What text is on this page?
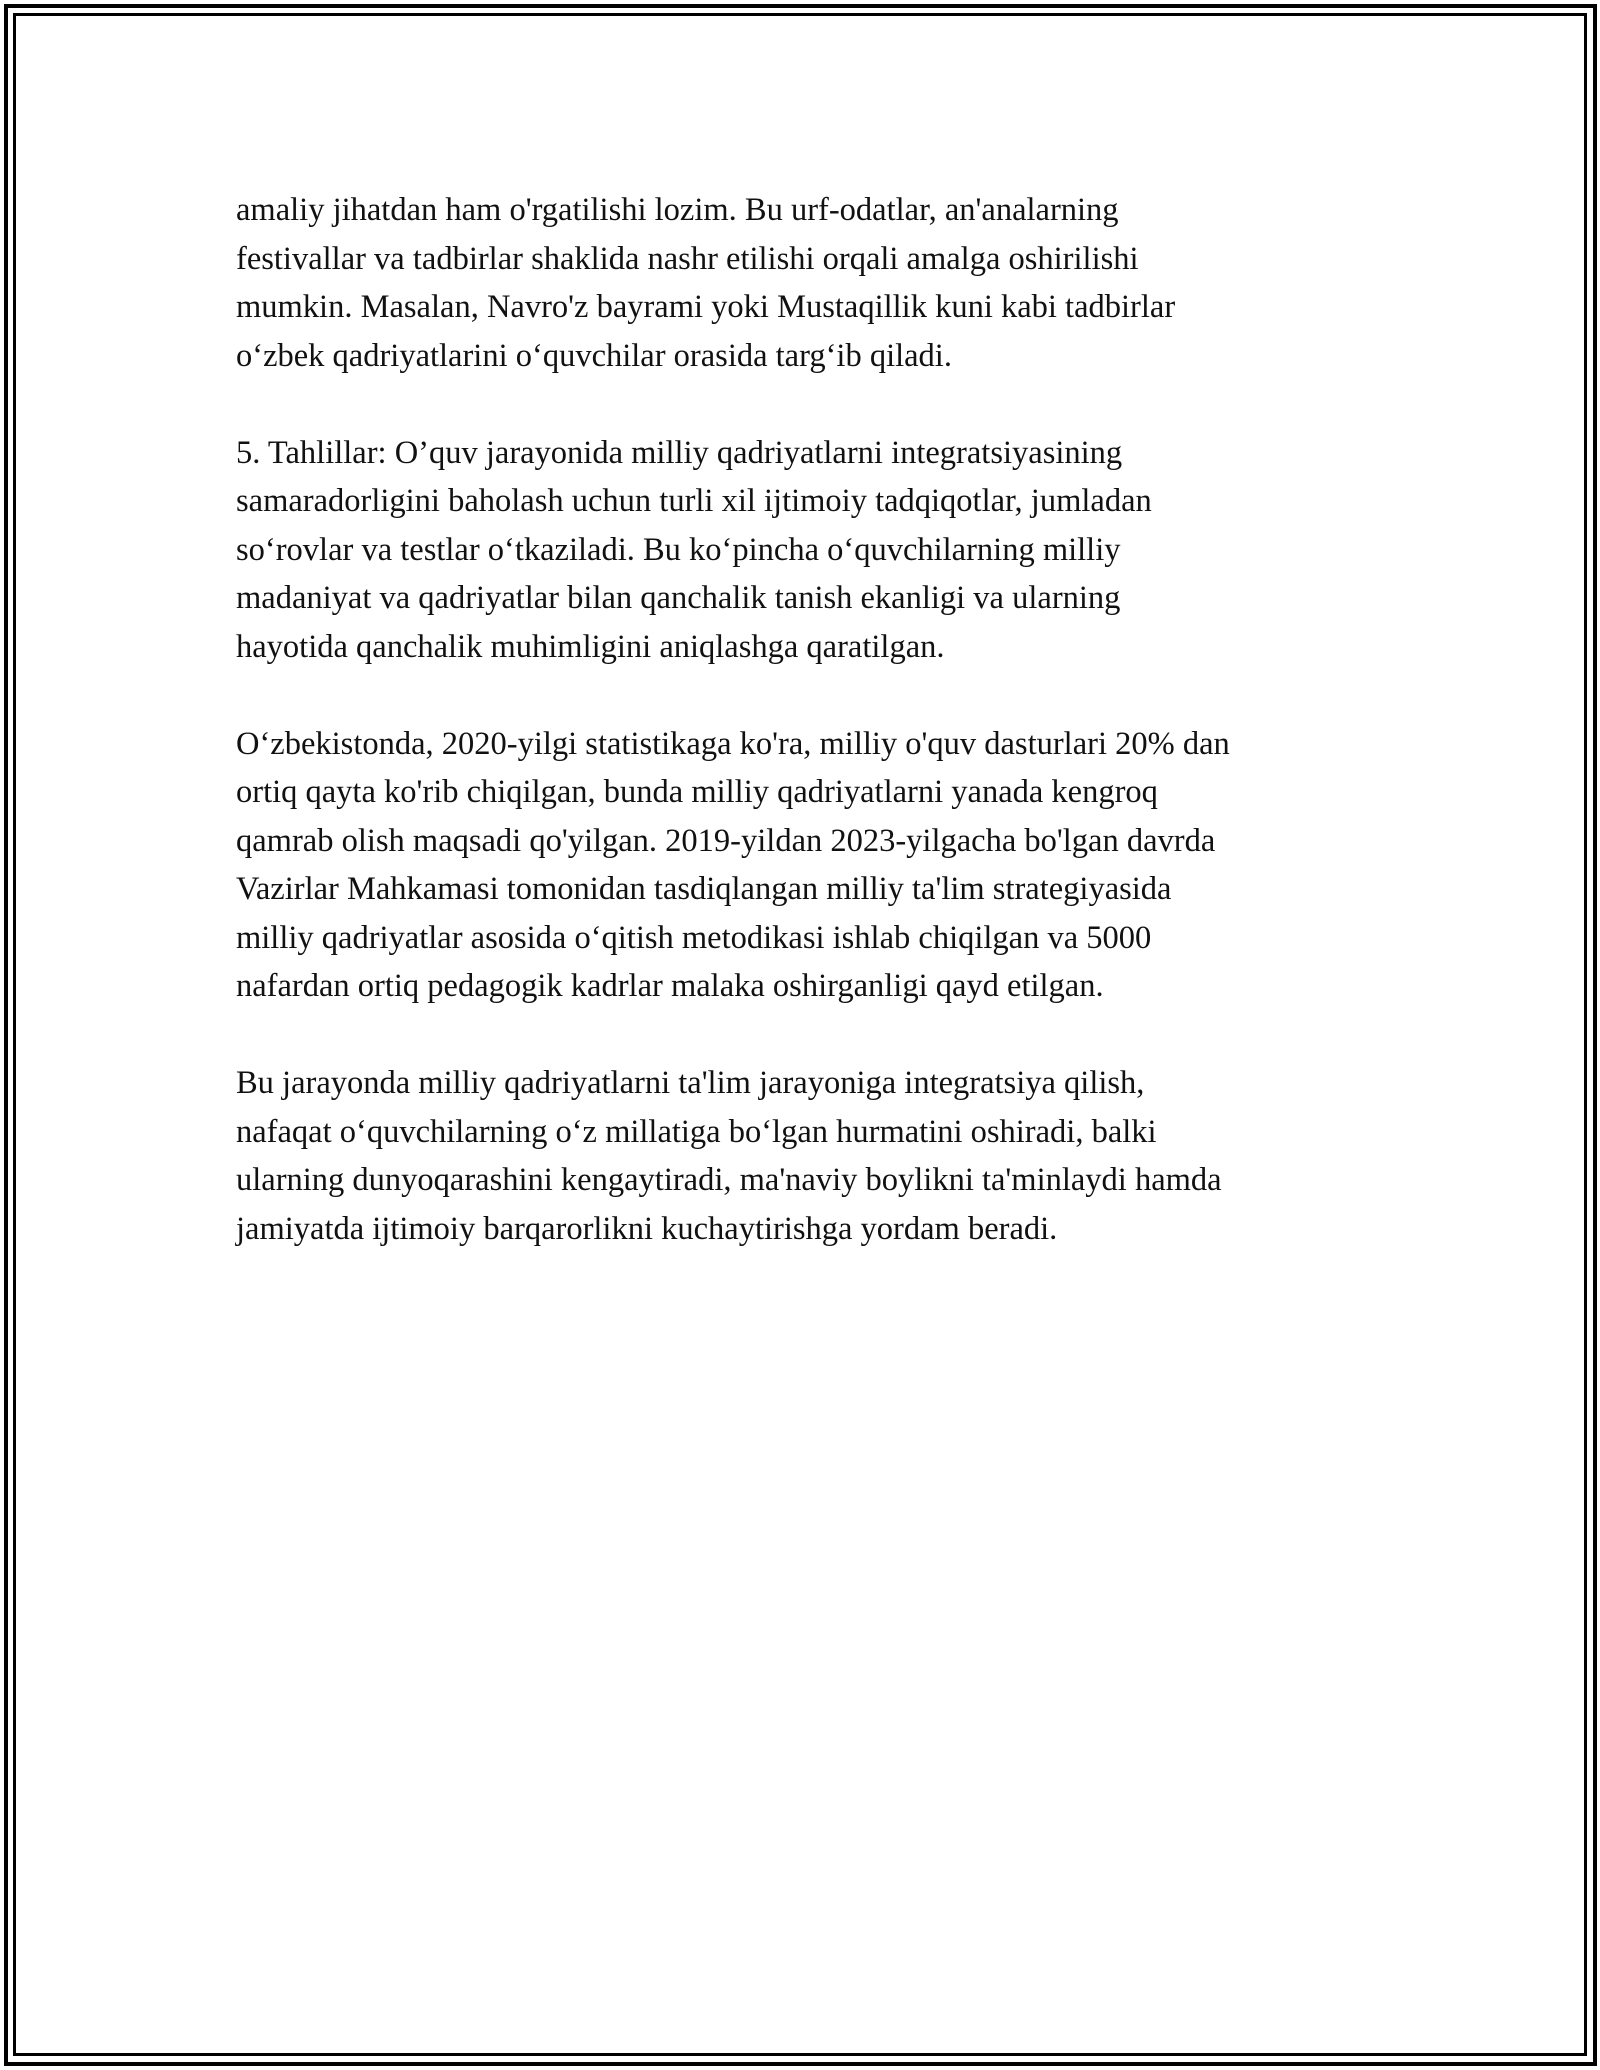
amaliy jihatdan ham o'rgatilishi lozim. Bu urf-odatlar, an'analarning
festivallar va tadbirlar shaklida nashr etilishi orqali amalga oshirilishi
mumkin. Masalan, Navro'z bayrami yoki Mustaqillik kuni kabi tadbirlar
o‘zbek qadriyatlarini o‘quvchilar orasida targ‘ib qiladi.

5. Tahlillar: O’quv jarayonida milliy qadriyatlarni integratsiyasining
samaradorligini baholash uchun turli xil ijtimoiy tadqiqotlar, jumladan
so‘rovlar va testlar o‘tkaziladi. Bu ko‘pincha o‘quvchilarning milliy
madaniyat va qadriyatlar bilan qanchalik tanish ekanligi va ularning
hayotida qanchalik muhimligini aniqlashga qaratilgan.

O‘zbekistonda, 2020-yilgi statistikaga ko'ra, milliy o'quv dasturlari 20% dan
ortiq qayta ko'rib chiqilgan, bunda milliy qadriyatlarni yanada kengroq
qamrab olish maqsadi qo'yilgan. 2019-yildan 2023-yilgacha bo'lgan davrda
Vazirlar Mahkamasi tomonidan tasdiqlangan milliy ta'lim strategiyasida
milliy qadriyatlar asosida o‘qitish metodikasi ishlab chiqilgan va 5000
nafardan ortiq pedagogik kadrlar malaka oshirganligi qayd etilgan.

Bu jarayonda milliy qadriyatlarni ta'lim jarayoniga integratsiya qilish,
nafaqat o‘quvchilarning o‘z millatiga bo‘lgan hurmatini oshiradi, balki
ularning dunyoqarashini kengaytiradi, ma'naviy boylikni ta'minlaydi hamda
jamiyatda ijtimoiy barqarorlikni kuchaytirishga yordam beradi.
